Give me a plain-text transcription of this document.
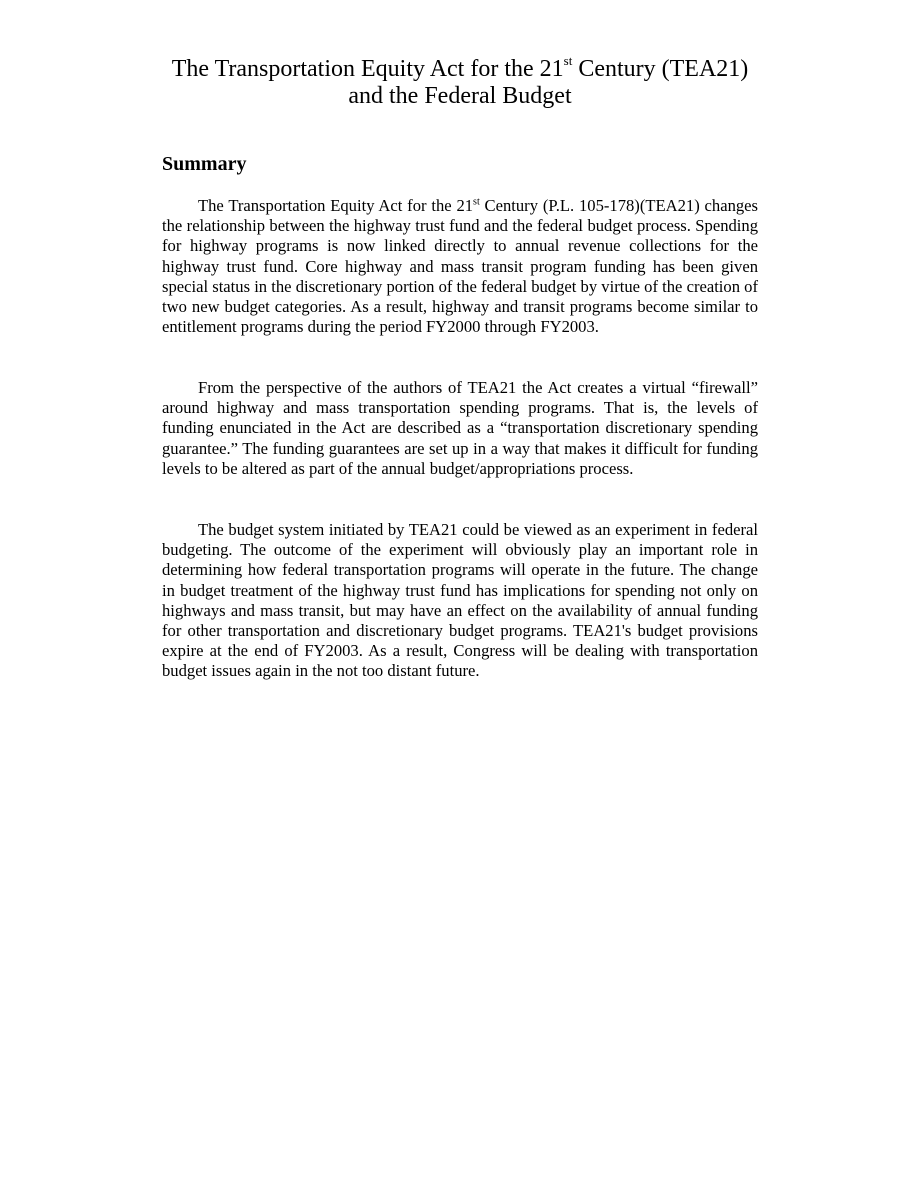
The Transportation Equity Act for the 21st Century (TEA21)
and the Federal Budget
Summary

The Transportation Equity Act for the 21st Century (P.L. 105-178)(TEA21) changes the relationship between the highway trust fund and the federal budget process. Spending for highway programs is now linked directly to annual revenue collections for the highway trust fund. Core highway and mass transit program funding has been given special status in the discretionary portion of the federal budget by virtue of the creation of two new budget categories. As a result, highway and transit programs become similar to entitlement programs during the period FY2000 through FY2003.

From the perspective of the authors of TEA21 the Act creates a virtual “firewall” around highway and mass transportation spending programs. That is, the levels of funding enunciated in the Act are described as a “transportation discretionary spending guarantee.” The funding guarantees are set up in a way that makes it difficult for funding levels to be altered as part of the annual budget/appropriations process.

The budget system initiated by TEA21 could be viewed as an experiment in federal budgeting. The outcome of the experiment will obviously play an important role in determining how federal transportation programs will operate in the future. The change in budget treatment of the highway trust fund has implications for spending not only on highways and mass transit, but may have an effect on the availability of annual funding for other transportation and discretionary budget programs. TEA21's budget provisions expire at the end of FY2003. As a result, Congress will be dealing with transportation budget issues again in the not too distant future.
